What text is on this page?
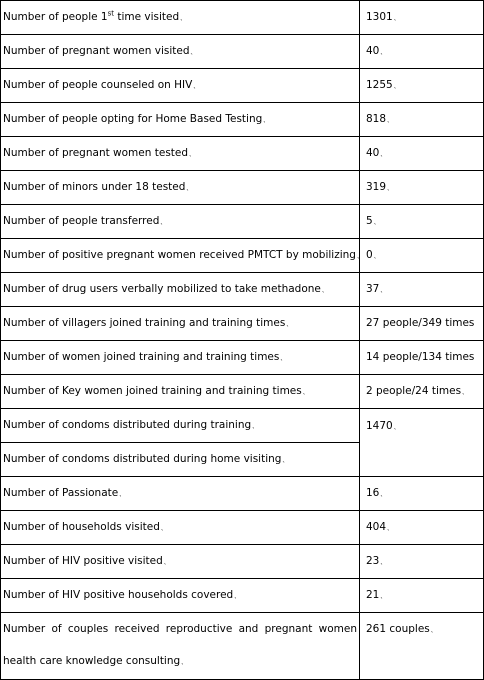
Number of people 1st time visited、	1301、
Number of pregnant women visited、	40、
Number of people counseled on HIV、	1255、
Number of people opting for Home Based Testing、	818、
Number of pregnant women tested、	40、
Number of minors under 18 tested、	319、
Number of people transferred、	5、
Number of positive pregnant women received PMTCT by mobilizing、	0、
Number of drug users verbally mobilized to take methadone、	37、
Number of villagers joined training and training times、	27 people/349 times
Number of women joined training and training times、	14 people/134 times
Number of Key women joined training and training times、	2 people/24 times、
Number of condoms distributed during training、	1470、
Number of condoms distributed during home visiting、	
Number of Passionate、	16、
Number of households visited、	404、
Number of HIV positive visited、	23、
Number of HIV positive households covered、	21、

Number of couples received reproductive and pregnant women
health care knowledge consulting、	261 couples、
